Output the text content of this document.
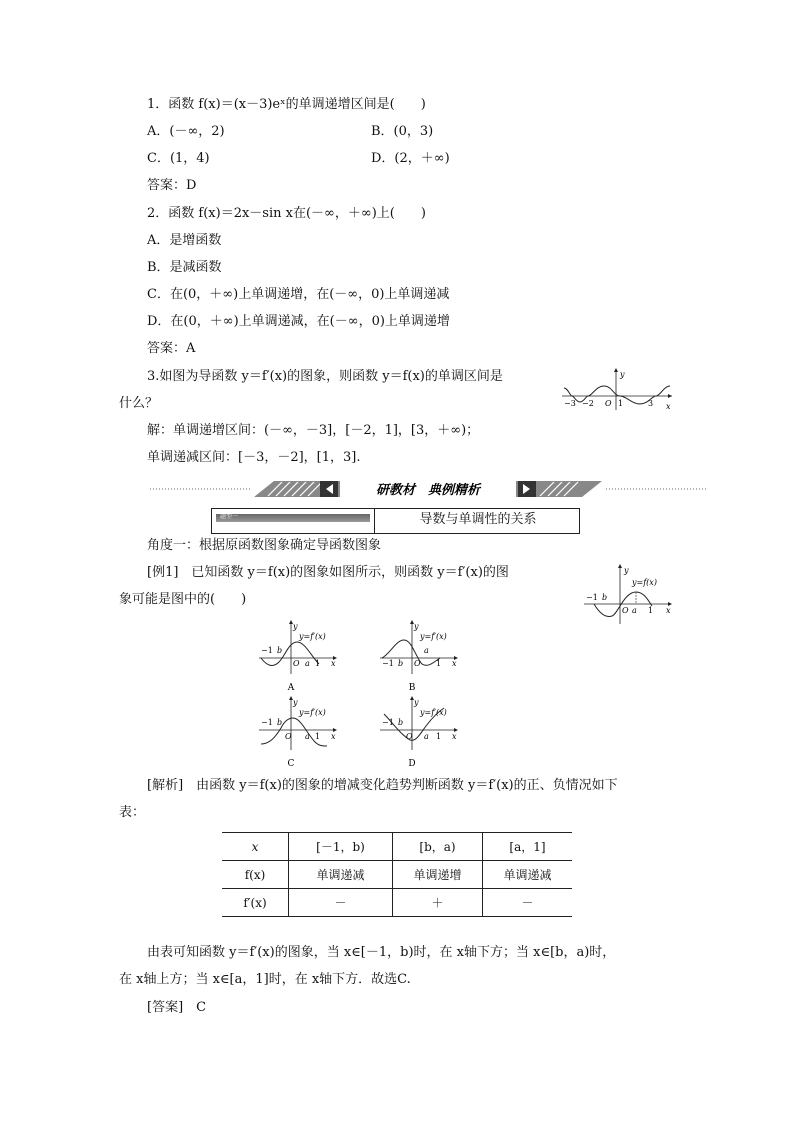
1．函数 f(x)＝(x－3)eˣ的单调递增区间是(　　)
A．(－∞，2)	B．(0，3)
C．(1，4)	D．(2，＋∞)
答案：D
2．函数 f(x)＝2x－sin x在(－∞，＋∞)上(　　)
A．是增函数
B．是减函数
C．在(0，＋∞)上单调递增，在(－∞，0)上单调递减
D．在(0，＋∞)上单调递减，在(－∞，0)上单调递增
答案：A
3.如图为导函数 y＝f′(x)的图象，则函数 y＝f(x)的单调区间是
什么？
解：单调递增区间：(－∞，－3]，[－2，1]，[3，＋∞)；
单调递减区间：[－3，－2]，[1，3].
y
x
−3 −2 O 1	3
研教材　典例精析
题型一	导数与单调性的关系
角度一：根据原函数图象确定导函数图象
[例1]　已知函数 y＝f(x)的图象如图所示，则函数 y＝f′(x)的图
象可能是图中的(　　)
y
y=f(x)
−1 b
O a 1 x
y
y=f′(x)
−1 b
O a 1 x
A
y
y=f′(x)
−1 b O
a
1 x
B
y
y=f′(x)
−1 b
O a 1 x
C
y
y=f′(x)
−1 b
O a 1 x
D
[解析]　由函数 y＝f(x)的图象的增减变化趋势判断函数 y＝f′(x)的正、负情况如下
表：
x	[－1，b)	[b，a)	[a，1]
f(x)	单调递减	单调递增	单调递减
f′(x)	－	＋	－
由表可知函数 y＝f′(x)的图象，当 x∈[－1，b)时，在 x轴下方；当 x∈[b，a)时，
在 x轴上方；当 x∈[a，1]时，在 x轴下方．故选C.
[答案]　C
